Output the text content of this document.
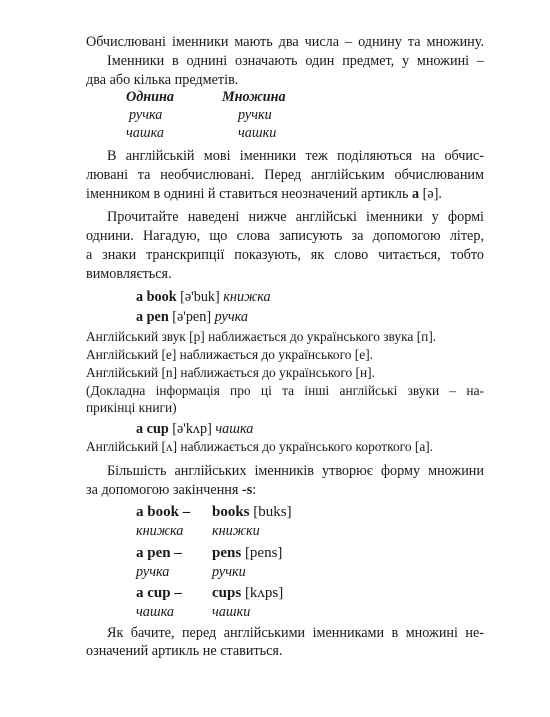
Обчислювані іменники мають два числа – однину та множину.
Іменники в однині означають один предмет, у множині –
два або кілька предметів.
Однина	Множина
ручка	ручки
чашка	чашки
В англійській мові іменники теж поділяються на обчис-
лювані та необчислювані. Перед англійським обчислюваним
іменником в однині й ставиться неозначений артикль a [ə].
Прочитайте наведені нижче англійські іменники у формі
однини. Нагадую, що слова записують за допомогою літер,
а знаки транскрипції показують, як слово читається, тобто
вимовляється.
a book [ə'buk] книжка
a pen [ə'pen] ручка
Англійський звук [p] наближається до українського звука [п].
Англійський [e] наближається до українського [е].
Англійський [n] наближається до українського [н].
(Докладна інформація про ці та інші англійські звуки – на-
прикінці книги)
a cup [ə'kʌp] чашка
Англійський [ʌ] наближається до українського короткого [а].
Більшість англійських іменників утворює форму множини
за допомогою закінчення -s:
a book – books [buks]
книжка книжки
a pen – pens [pens]
ручка	ручки
a cup – cups [kʌps]
чашка	чашки
Як бачите, перед англійськими іменниками в множині не-
означений артикль не ставиться.
